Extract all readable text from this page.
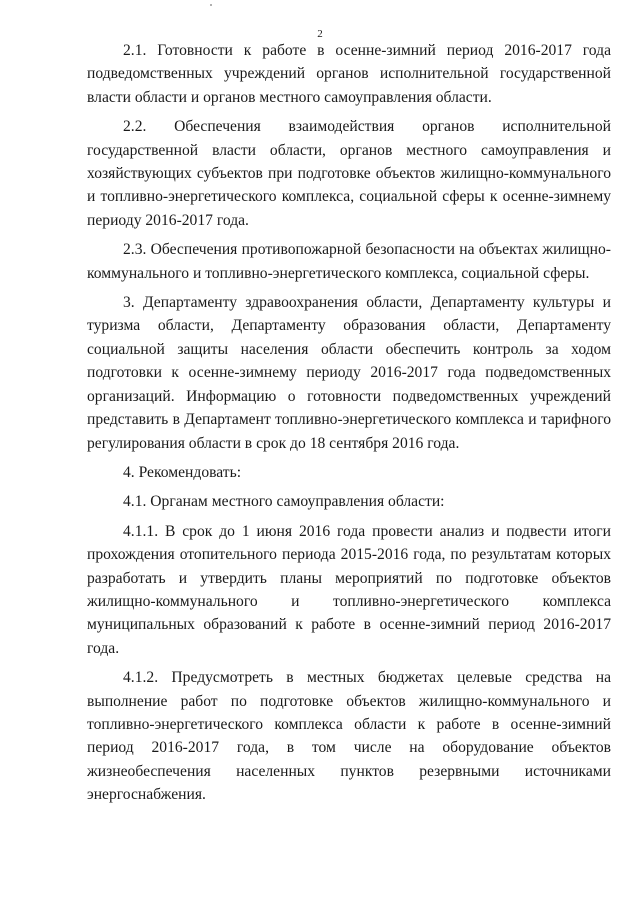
2

2.1. Готовности к работе в осенне-зимний период 2016-2017 года подведомственных учреждений органов исполнительной государственной власти области и органов местного самоуправления области.

2.2. Обеспечения взаимодействия органов исполнительной государственной власти области, органов местного самоуправления и хозяйствующих субъектов при подготовке объектов жилищно-коммунального и топливно-энергетического комплекса, социальной сферы к осенне-зимнему периоду 2016-2017 года.

2.3. Обеспечения противопожарной безопасности на объектах жилищно-коммунального и топливно-энергетического комплекса, социальной сферы.

3. Департаменту здравоохранения области, Департаменту культуры и туризма области, Департаменту образования области, Департаменту социальной защиты населения области обеспечить контроль за ходом подготовки к осенне-зимнему периоду 2016-2017 года подведомственных организаций. Информацию о готовности подведомственных учреждений представить в Департамент топливно-энергетического комплекса и тарифного регулирования области в срок до 18 сентября 2016 года.

4. Рекомендовать:

4.1. Органам местного самоуправления области:

4.1.1. В срок до 1 июня 2016 года провести анализ и подвести итоги прохождения отопительного периода 2015-2016 года, по результатам которых разработать и утвердить планы мероприятий по подготовке объектов жилищно-коммунального и топливно-энергетического комплекса муниципальных образований к работе в осенне-зимний период 2016-2017 года.

4.1.2. Предусмотреть в местных бюджетах целевые средства на выполнение работ по подготовке объектов жилищно-коммунального и топливно-энергетического комплекса области к работе в осенне-зимний период 2016-2017 года, в том числе на оборудование объектов жизнеобеспечения населенных пунктов резервными источниками энергоснабжения.
